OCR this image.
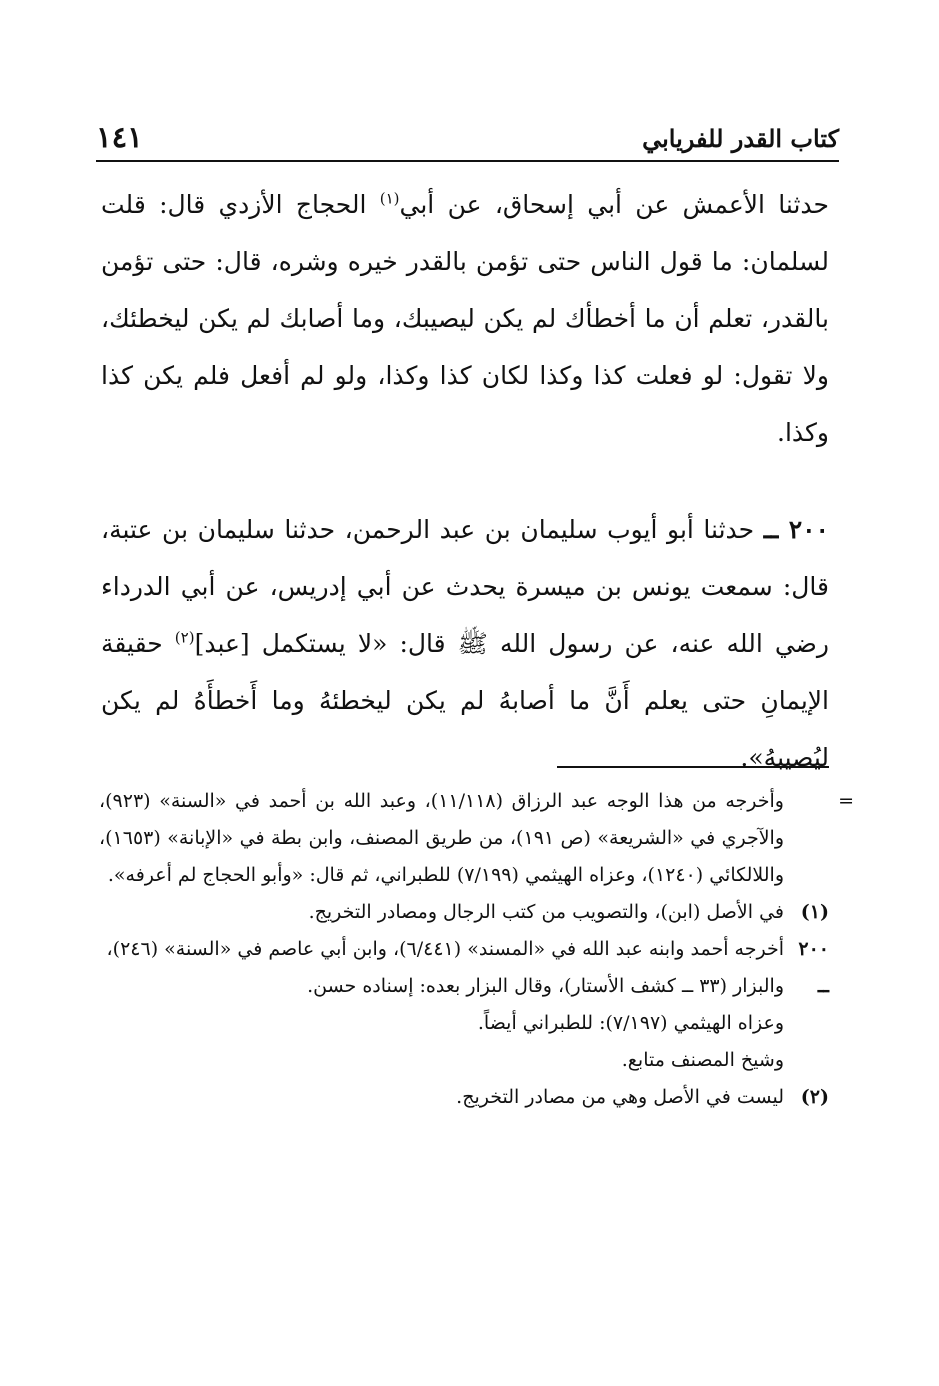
كتاب القدر للفريابي
١٤١

حدثنا الأعمش عن أبي إسحاق، عن أبي$^{(١)}$ الحجاج الأزدي قال: قلت لسلمان: ما قول الناس حتى تؤمن بالقدر خيره وشره، قال: حتى تؤمن بالقدر، تعلم أن ما أخطأك لم يكن ليصيبك، وما أصابك لم يكن ليخطئك، ولا تقول: لو فعلت كذا وكذا لكان كذا وكذا، ولو لم أفعل فلم يكن كذا وكذا.

٢٠٠ ــ حدثنا أبو أيوب سليمان بن عبد الرحمن، حدثنا سليمان بن عتبة، قال: سمعت يونس بن ميسرة يحدث عن أبي إدريس، عن أبي الدرداء رضي الله عنه، عن رسول الله ﷺ قال: «لا يستكمل [عبد]$^{(٢)}$ حقيقة الإيمانِ حتى يعلم أَنَّ ما أصابهُ لم يكن ليخطئهُ وما أَخطأَهُ لم يكن ليُصيبهُ».

=
وأخرجه من هذا الوجه عبد الرزاق (١١/١١٨)، وعبد الله بن أحمد في «السنة» (٩٢٣)، والآجري في «الشريعة» (ص ١٩١)، من طريق المصنف، وابن بطة في «الإبانة» (١٦٥٣)، واللالكائي (١٢٤٠)، وعزاه الهيثمي (٧/١٩٩) للطبراني، ثم قال: «وأبو الحجاج لم أعرفه».

(١)
في الأصل (ابن)، والتصويب من كتب الرجال ومصادر التخريج.
٢٠٠ ــ
أخرجه أحمد وابنه عبد الله في «المسند» (٦/٤٤١)، وابن أبي عاصم في «السنة» (٢٤٦)، والبزار (٣٣ ــ كشف الأستار)، وقال البزار بعده: إسناده حسن.

وعزاه الهيثمي (٧/١٩٧): للطبراني أيضاً.

وشيخ المصنف متابع.

(٢)
ليست في الأصل وهي من مصادر التخريج.
